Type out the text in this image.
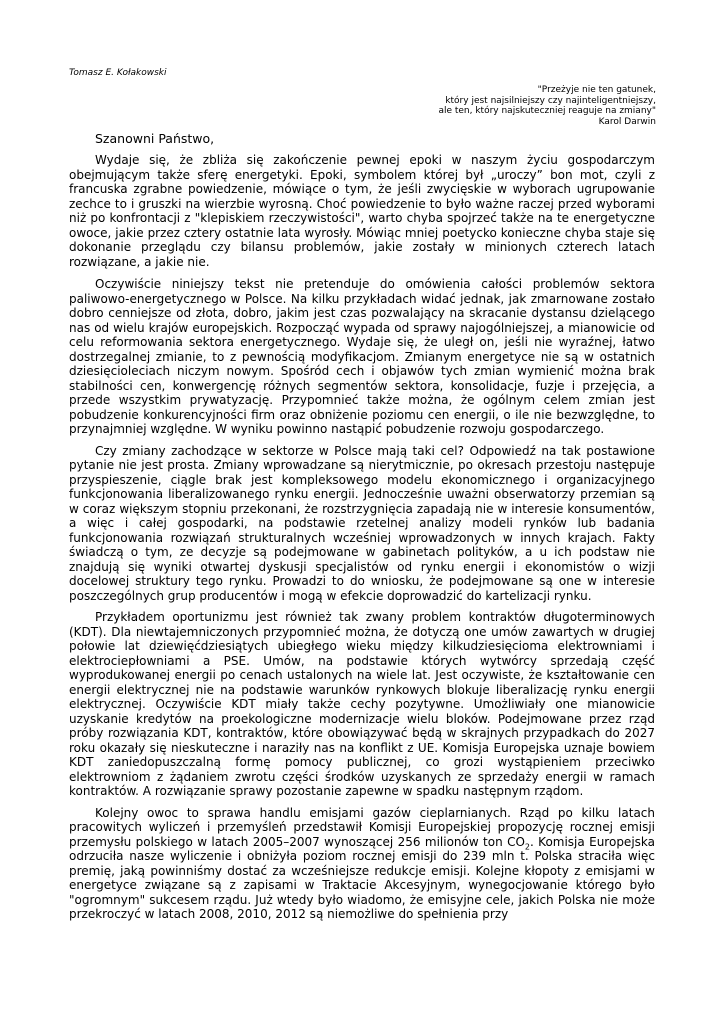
Tomasz E. Kołakowski
"Przeżyje nie ten gatunek,
który jest najsilniejszy czy najinteligentniejszy,
ale ten, który najskuteczniej reaguje na zmiany"
Karol Darwin
Szanowni Państwo,

Wydaje się, że zbliża się zakończenie pewnej epoki w naszym życiu gospodarczym obejmującym także sferę energetyki. Epoki, symbolem której był „uroczy” bon mot, czyli z francuska zgrabne powiedzenie, mówiące o tym, że jeśli zwycięskie w wyborach ugrupowanie zechce to i gruszki na wierzbie wyrosną. Choć powiedzenie to było ważne raczej przed wyborami niż po konfrontacji z "klepiskiem rzeczywistości", warto chyba spojrzeć także na te energetyczne owoce, jakie przez cztery ostatnie lata wyrosły. Mówiąc mniej poetycko konieczne chyba staje się dokonanie przeglądu czy bilansu problemów, jakie zostały w minionych czterech latach rozwiązane, a jakie nie.

Oczywiście niniejszy tekst nie pretenduje do omówienia całości problemów sektora paliwowo-energetycznego w Polsce. Na kilku przykładach widać jednak, jak zmarnowane zostało dobro cenniejsze od złota, dobro, jakim jest czas pozwalający na skracanie dystansu dzielącego nas od wielu krajów europejskich. Rozpocząć wypada od sprawy najogólniejszej, a mianowicie od celu reformowania sektora energetycznego. Wydaje się, że uległ on, jeśli nie wyraźnej, łatwo dostrzegalnej zmianie, to z pewnością modyfikacjom. Zmianym energetyce nie są w ostatnich dziesięcioleciach niczym nowym. Spośród cech i objawów tych zmian wymienić można brak stabilności cen, konwergencję różnych segmentów sektora, konsolidacje, fuzje i przejęcia, a przede wszystkim prywatyzację. Przypomnieć także można, że ogólnym celem zmian jest pobudzenie konkurencyjności firm oraz obniżenie poziomu cen energii, o ile nie bezwzględne, to przynajmniej względne. W wyniku powinno nastąpić pobudzenie rozwoju gospodarczego.

Czy zmiany zachodzące w sektorze w Polsce mają taki cel? Odpowiedź na tak postawione pytanie nie jest prosta. Zmiany wprowadzane są nierytmicznie, po okresach przestoju następuje przyspieszenie, ciągle brak jest kompleksowego modelu ekonomicznego i organizacyjnego funkcjonowania liberalizowanego rynku energii. Jednocześnie uważni obserwatorzy przemian są w coraz większym stopniu przekonani, że rozstrzygnięcia zapadają nie w interesie konsumentów, a więc i całej gospodarki, na podstawie rzetelnej analizy modeli rynków lub badania funkcjonowania rozwiązań strukturalnych wcześniej wprowadzonych w innych krajach. Fakty świadczą o tym, ze decyzje są podejmowane w gabinetach polityków, a u ich podstaw nie znajdują się wyniki otwartej dyskusji specjalistów od rynku energii i ekonomistów o wizji docelowej struktury tego rynku. Prowadzi to do wniosku, że podejmowane są one w interesie poszczególnych grup producentów i mogą w efekcie doprowadzić do kartelizacji rynku.

Przykładem oportunizmu jest również tak zwany problem kontraktów długoterminowych (KDT). Dla niewtajemniczonych przypomnieć można, że dotyczą one umów zawartych w drugiej połowie lat dziewięćdziesiątych ubiegłego wieku między kilkudziesięcioma elektrowniami i elektrociepłowniami a PSE. Umów, na podstawie których wytwórcy sprzedają część wyprodukowanej energii po cenach ustalonych na wiele lat. Jest oczywiste, że kształtowanie cen energii elektrycznej nie na podstawie warunków rynkowych blokuje liberalizację rynku energii elektrycznej. Oczywiście KDT miały także cechy pozytywne. Umożliwiały one mianowicie uzyskanie kredytów na proekologiczne modernizacje wielu bloków. Podejmowane przez rząd próby rozwiązania KDT, kontraktów, które obowiązywać będą w skrajnych przypadkach do 2027 roku okazały się nieskuteczne i naraziły nas na konflikt z UE. Komisja Europejska uznaje bowiem KDT zaniedopuszczalną formę pomocy publicznej, co grozi wystąpieniem przeciwko elektrowniom z żądaniem zwrotu części środków uzyskanych ze sprzedaży energii w ramach kontraktów. A rozwiązanie sprawy pozostanie zapewne w spadku następnym rządom.

Kolejny owoc to sprawa handlu emisjami gazów cieplarnianych. Rząd po kilku latach pracowitych wyliczeń i przemyśleń przedstawił Komisji Europejskiej propozycję rocznej emisji przemysłu polskiego w latach 2005–2007 wynoszącej 256 milionów ton $CO_2$. Komisja Europejska odrzuciła nasze wyliczenie i obniżyła poziom rocznej emisji do 239 mln t. Polska straciła więc premię, jaką powinniśmy dostać za wcześniejsze redukcje emisji. Kolejne kłopoty z emisjami w energetyce związane są z zapisami w Traktacie Akcesyjnym, wynegocjowanie którego było "ogromnym" sukcesem rządu. Już wtedy było wiadomo, że emisyjne cele, jakich Polska nie może przekroczyć w latach 2008, 2010, 2012 są niemożliwe do spełnienia przy
